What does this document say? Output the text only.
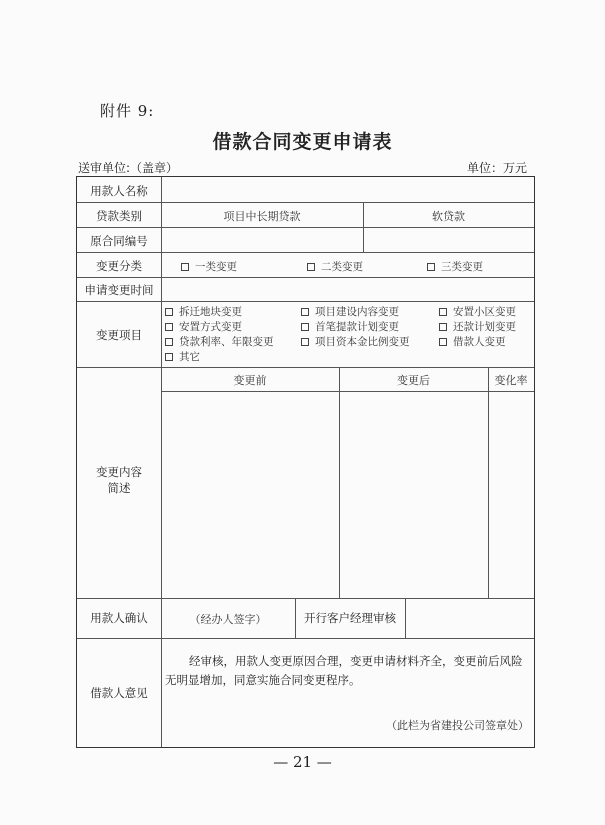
附件 9:
借款合同变更申请表
送审单位:（盖章）	单位：万元
用款人名称
贷款类别	项目中长期贷款	软贷款
原合同编号
变更分类	一类变更	二类变更	三类变更
申请变更时间
变更项目
拆迁地块变更	项目建设内容变更	安置小区变更
安置方式变更	首笔提款计划变更	还款计划变更
贷款利率、年限变更	项目资本金比例变更	借款人变更
其它
变更内容
简述
变更前	变更后	变化率
用款人确认	（经办人签字）	开行客户经理审核
借款人意见
经审核，用款人变更原因合理，变更申请材料齐全，变更前后风险无明显增加，同意实施合同变更程序。
（此栏为省建投公司签章处）
— 21 —
